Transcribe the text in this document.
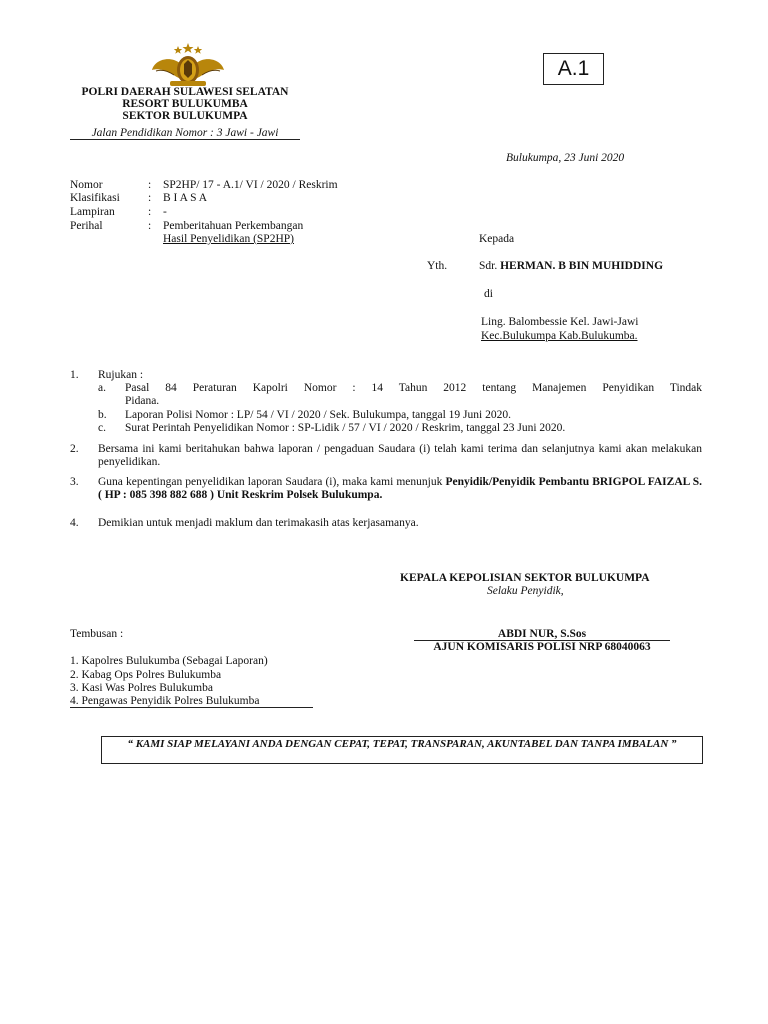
A.1
POLRI DAERAH SULAWESI SELATAN
RESORT BULUKUMBA
SEKTOR BULUKUMPA
Jalan Pendidikan Nomor : 3 Jawi - Jawi
Bulukumpa, 23 Juni 2020
Nomor	: SP2HP/ 17 - A.1/ VI / 2020 / Reskrim
Klasifikasi : B I A S A
Lampiran	: -
Perihal	: Pemberitahuan Perkembangan
Hasil Penyelidikan (SP2HP)	Kepada
Yth.	Sdr. HERMAN. B BIN MUHIDDING
di
Ling. Balombessie Kel. Jawi-Jawi
Kec.Bulukumpa Kab.Bulukumba.
1. Rujukan :
a. Pasal 84 Peraturan Kapolri Nomor : 14 Tahun 2012 tentang Manajemen Penyidikan Tindak
Pidana.
b. Laporan Polisi Nomor : LP/ 54 / VI / 2020 / Sek. Bulukumpa, tanggal 19 Juni 2020.
c. Surat Perintah Penyelidikan Nomor : SP-Lidik / 57 / VI / 2020 / Reskrim, tanggal 23 Juni 2020.
2. Bersama ini kami beritahukan bahwa laporan / pengaduan Saudara (i) telah kami terima dan selanjutnya kami akan melakukan penyelidikan.
3. Guna kepentingan penyelidikan laporan Saudara (i), maka kami menunjuk Penyidik/Penyidik Pembantu BRIGPOL FAIZAL S. ( HP : 085 398 882 688 ) Unit Reskrim Polsek Bulukumpa.
4. Demikian untuk menjadi maklum dan terimakasih atas kerjasamanya.
KEPALA KEPOLISIAN SEKTOR BULUKUMPA
Selaku Penyidik,
ABDI NUR, S.Sos
AJUN KOMISARIS POLISI NRP 68040063
Tembusan :
1. Kapolres Bulukumba (Sebagai Laporan)
2. Kabag Ops Polres Bulukumba
3. Kasi Was Polres Bulukumba
4. Pengawas Penyidik Polres Bulukumba
“ KAMI SIAP MELAYANI ANDA DENGAN CEPAT, TEPAT, TRANSPARAN, AKUNTABEL DAN TANPA IMBALAN ”
